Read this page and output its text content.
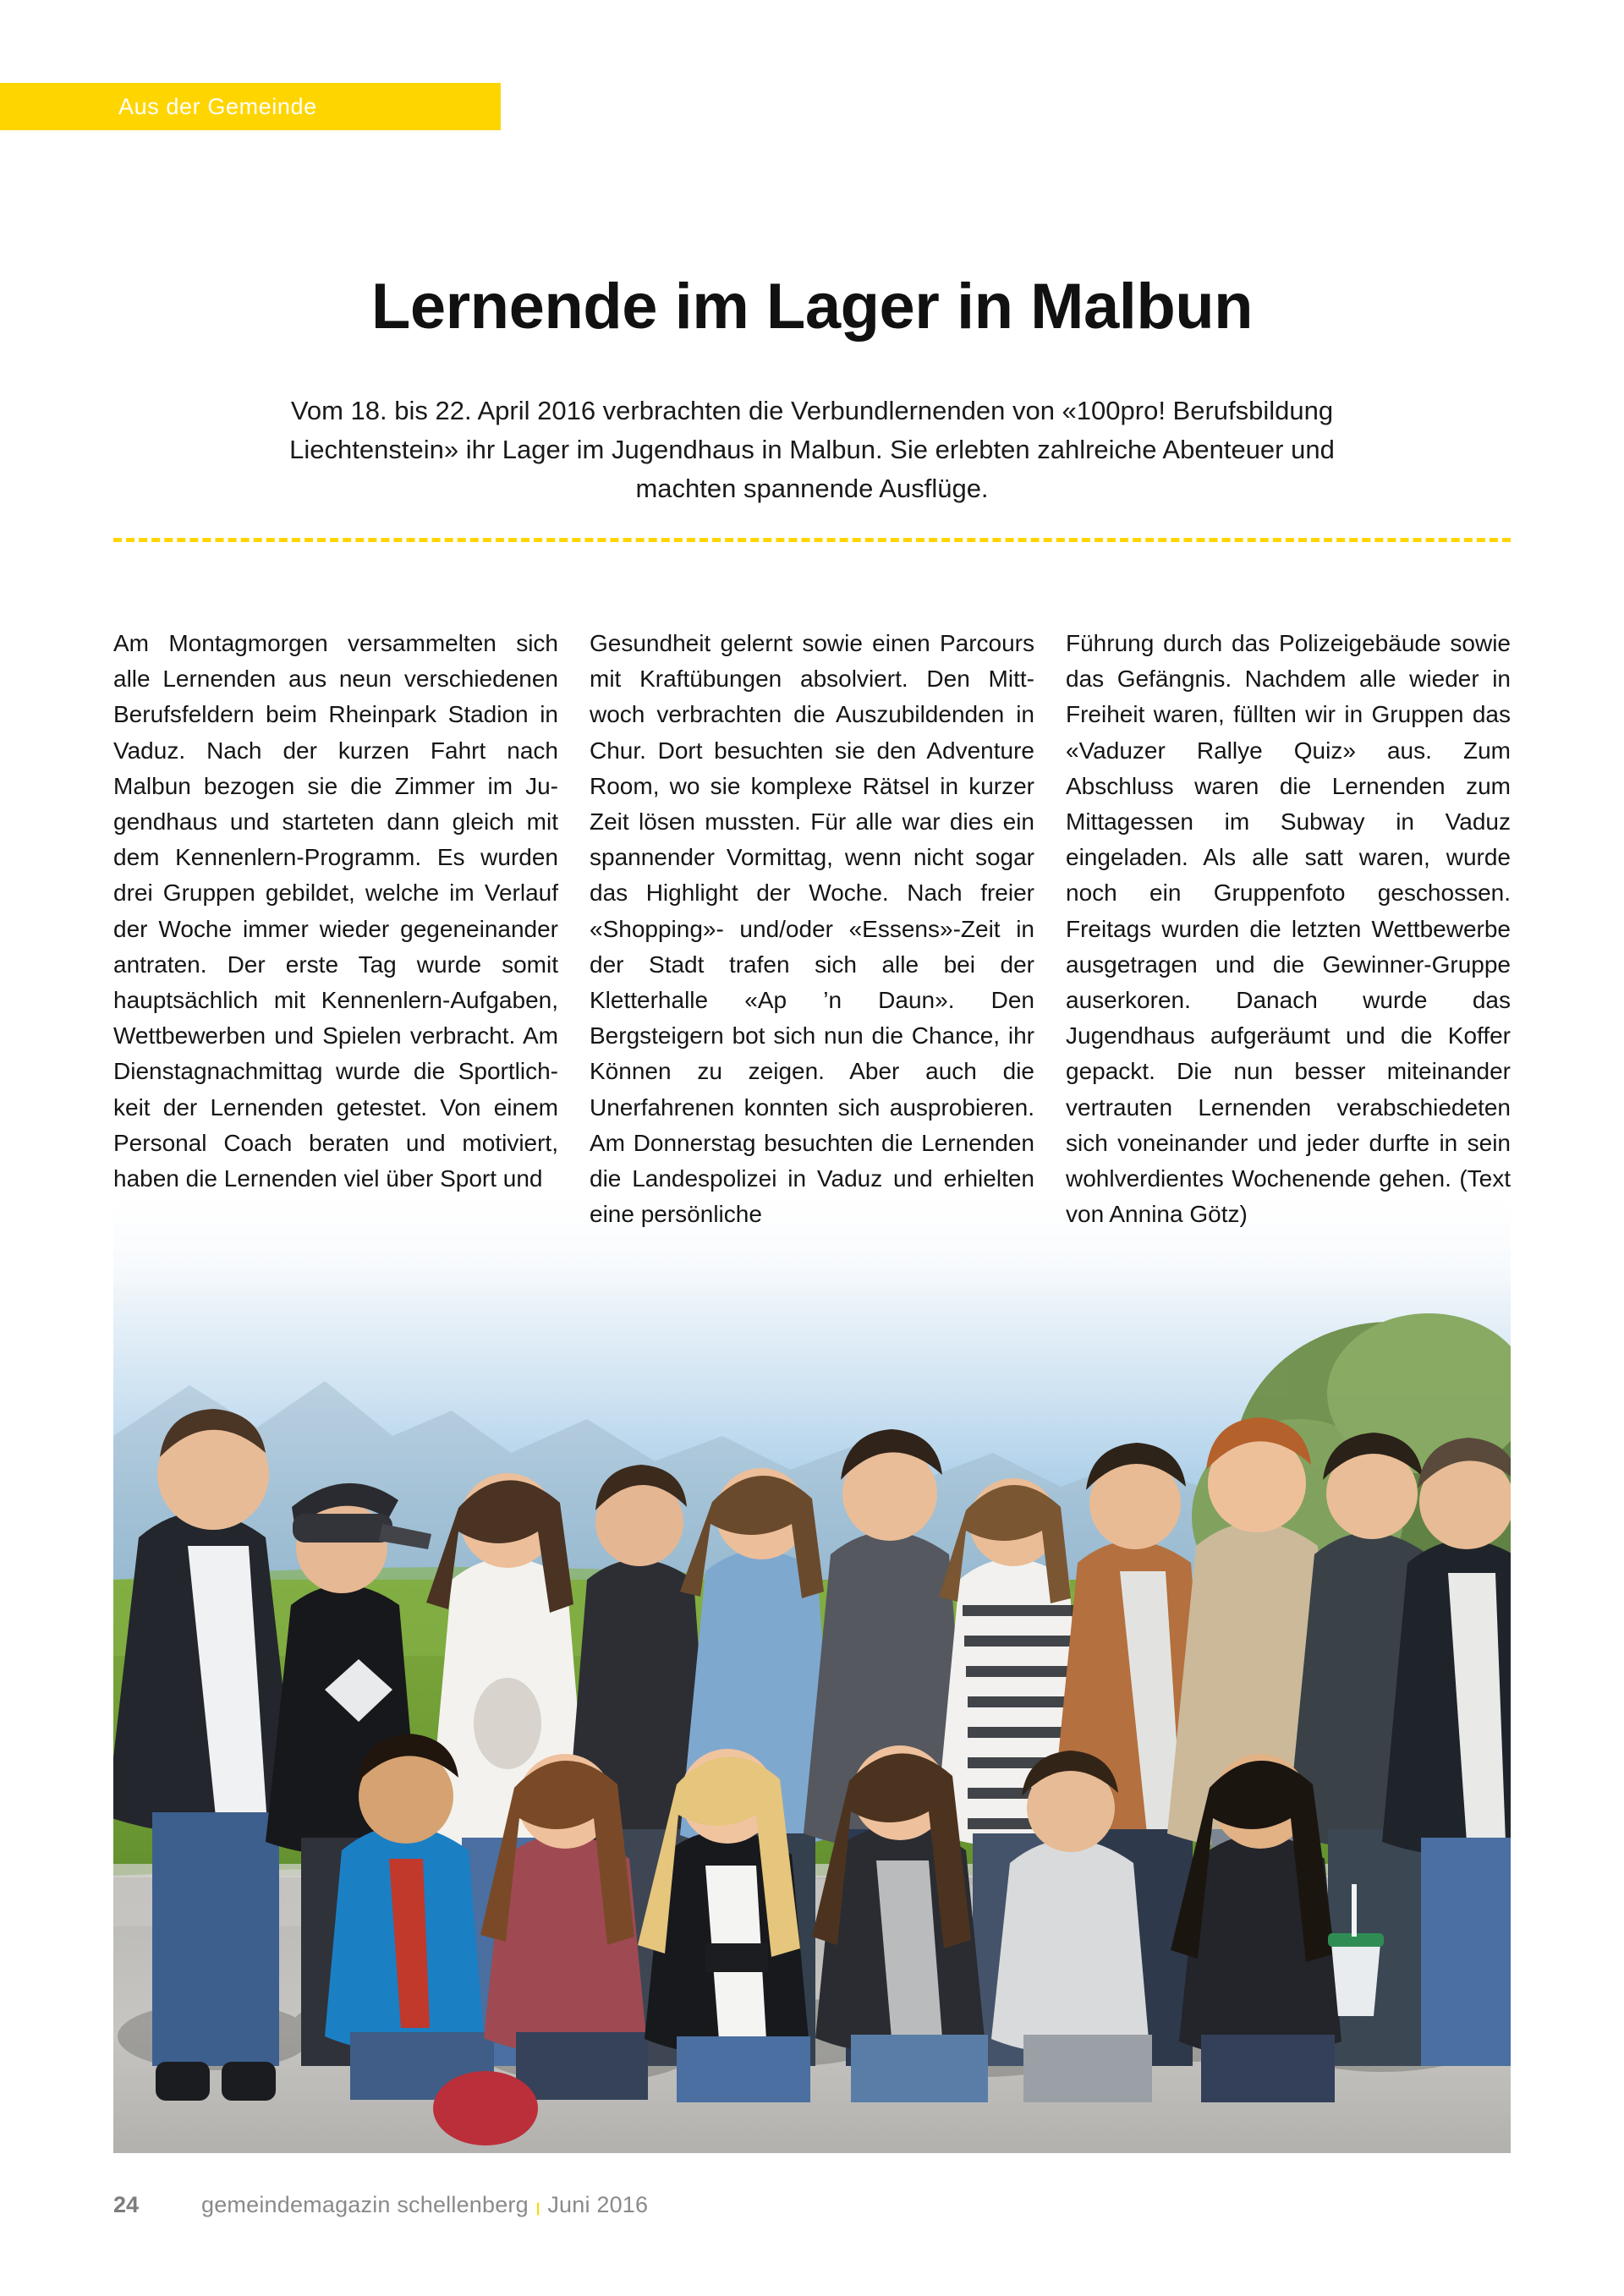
Aus der Gemeinde
Lernende im Lager in Malbun

Vom 18. bis 22. April 2016 verbrachten die Verbundlernenden von «100pro! Berufsbildung Liechtenstein» ihr Lager im Jugendhaus in Malbun. Sie erlebten zahlreiche Abenteuer und machten spannende Ausflüge.

Am Montagmorgen versammelten sich alle Lernenden aus neun verschiedenen Berufsfeldern beim Rheinpark Stadion in Vaduz. Nach der kurzen Fahrt nach Malbun bezogen sie die Zimmer im Jugendhaus und starteten dann gleich mit dem Kennenlern-Programm. Es wurden drei Gruppen gebildet, welche im Verlauf der Woche immer wieder gegeneinander antraten. Der erste Tag wurde somit hauptsächlich mit Kennenlern-Aufgaben, Wettbewerben und Spielen verbracht. Am Dienstagnachmittag wurde die Sportlichkeit der Lernenden getestet. Von einem Personal Coach beraten und motiviert, haben die Lernenden viel über Sport und

Gesundheit gelernt sowie einen Parcours mit Kraftübungen absolviert. Den Mittwoch verbrachten die Auszubildenden in Chur. Dort besuchten sie den Adventure Room, wo sie komplexe Rätsel in kurzer Zeit lösen mussten. Für alle war dies ein spannender Vormittag, wenn nicht sogar das Highlight der Woche. Nach freier «Shopping»- und/oder «Essens»-Zeit in der Stadt trafen sich alle bei der Kletterhalle «Ap ’n Daun». Den Bergsteigern bot sich nun die Chance, ihr Können zu zeigen. Aber auch die Unerfahrenen konnten sich ausprobieren. Am Donnerstag besuchten die Lernenden die Landespolizei in Vaduz und erhielten eine persönliche

Führung durch das Polizeigebäude sowie das Gefängnis. Nachdem alle wieder in Freiheit waren, füllten wir in Gruppen das «Vaduzer Rallye Quiz» aus. Zum Abschluss waren die Lernenden zum Mittagessen im Subway in Vaduz eingeladen. Als alle satt waren, wurde noch ein Gruppenfoto geschossen. Freitags wurden die letzten Wettbewerbe ausgetragen und die Gewinner-Gruppe auserkoren. Danach wurde das Jugendhaus aufgeräumt und die Koffer gepackt. Die nun besser miteinander vertrauten Lernenden verabschiedeten sich voneinander und jeder durfte in sein wohlverdientes Wochenende gehen. (Text von Annina Götz)

24	gemeindemagazin schellenberg | Juni 2016
